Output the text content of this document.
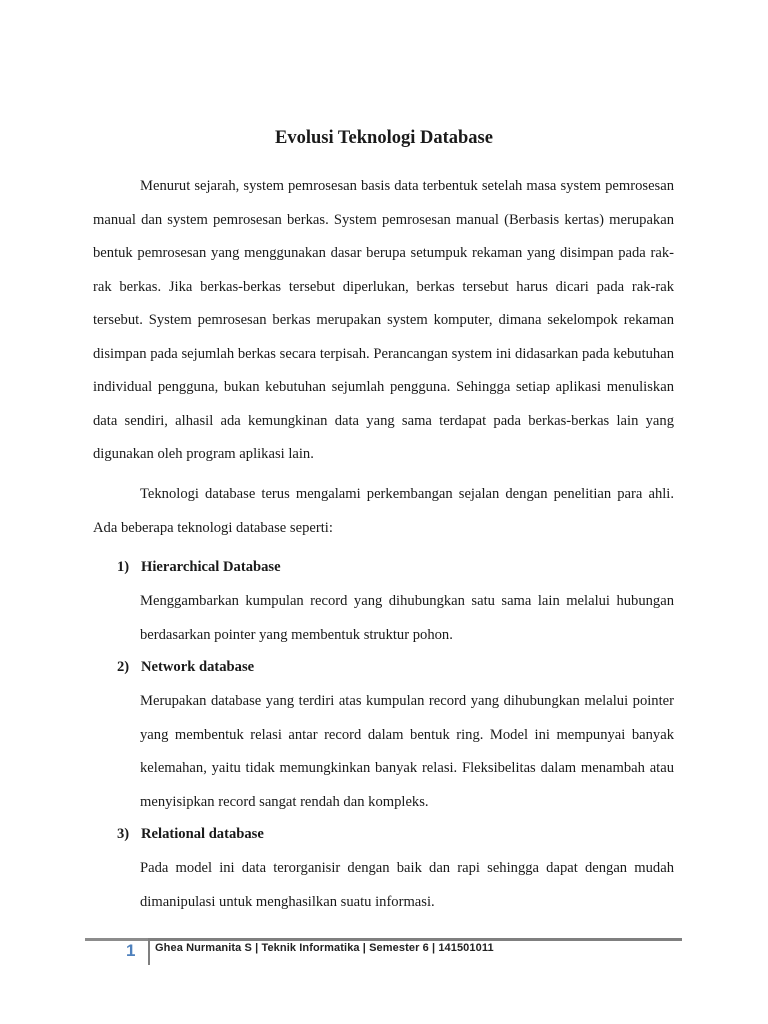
Evolusi Teknologi Database

Menurut sejarah, system pemrosesan basis data terbentuk setelah masa system pemrosesan manual dan system pemrosesan berkas. System pemrosesan manual (Berbasis kertas) merupakan bentuk pemrosesan yang menggunakan dasar berupa setumpuk rekaman yang disimpan pada rak-rak berkas. Jika berkas-berkas tersebut diperlukan, berkas tersebut harus dicari pada rak-rak tersebut. System pemrosesan berkas merupakan system komputer, dimana sekelompok rekaman disimpan pada sejumlah berkas secara terpisah. Perancangan system ini didasarkan pada kebutuhan individual pengguna, bukan kebutuhan sejumlah pengguna. Sehingga setiap aplikasi menuliskan data sendiri, alhasil ada kemungkinan data yang sama terdapat pada berkas-berkas lain yang digunakan oleh program aplikasi lain.

Teknologi database terus mengalami perkembangan sejalan dengan penelitian para ahli. Ada beberapa teknologi database seperti:

1) Hierarchical Database

Menggambarkan kumpulan record yang dihubungkan satu sama lain melalui hubungan berdasarkan pointer yang membentuk struktur pohon.

2) Network database

Merupakan database yang terdiri atas kumpulan record yang dihubungkan melalui pointer yang membentuk relasi antar record dalam bentuk ring. Model ini mempunyai banyak kelemahan, yaitu tidak memungkinkan banyak relasi. Fleksibelitas dalam menambah atau menyisipkan record sangat rendah dan kompleks.

3) Relational database

Pada model ini data terorganisir dengan baik dan rapi sehingga dapat dengan mudah dimanipulasi untuk menghasilkan suatu informasi.

1 Ghea Nurmanita S | Teknik Informatika | Semester 6 | 141501011
